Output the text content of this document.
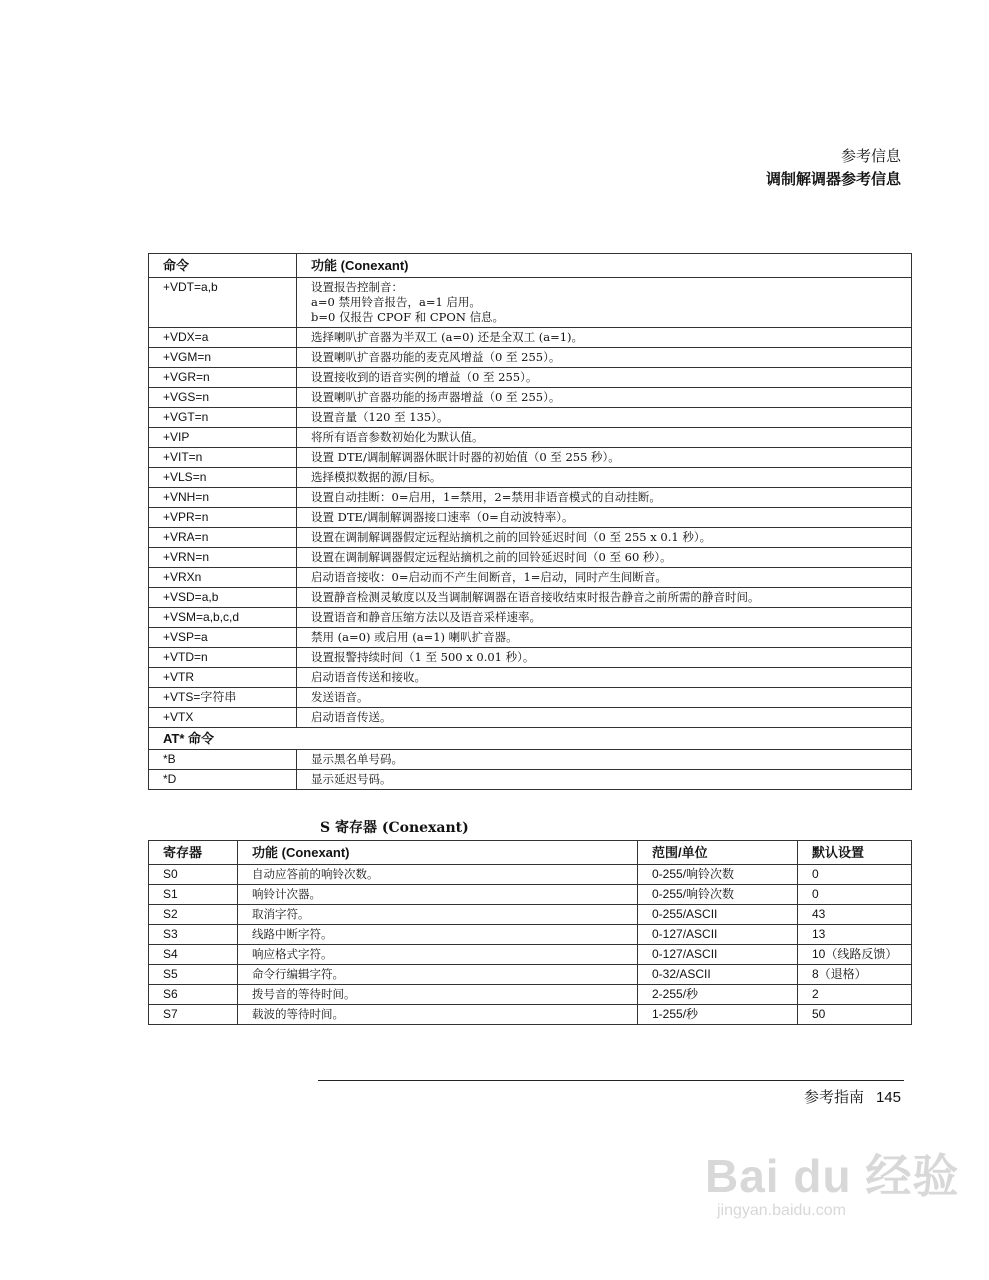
参考信息
调制解调器参考信息
命令	功能 (Conexant)
+VDT=a,b	设置报告控制音：
a=0 禁用铃音报告，a=1 启用。
b=0 仅报告 CPOF 和 CPON 信息。
+VDX=a	选择喇叭扩音器为半双工 (a=0) 还是全双工 (a=1)。
+VGM=n	设置喇叭扩音器功能的麦克风增益（0 至 255）。
+VGR=n	设置接收到的语音实例的增益（0 至 255）。
+VGS=n	设置喇叭扩音器功能的扬声器增益（0 至 255）。
+VGT=n	设置音量（120 至 135）。
+VIP	将所有语音参数初始化为默认值。
+VIT=n	设置 DTE/调制解调器休眠计时器的初始值（0 至 255 秒）。
+VLS=n	选择模拟数据的源/目标。
+VNH=n	设置自动挂断：0=启用，1=禁用，2=禁用非语音模式的自动挂断。
+VPR=n	设置 DTE/调制解调器接口速率（0=自动波特率）。
+VRA=n	设置在调制解调器假定远程站摘机之前的回铃延迟时间（0 至 255 x 0.1 秒）。
+VRN=n	设置在调制解调器假定远程站摘机之前的回铃延迟时间（0 至 60 秒）。
+VRXn	启动语音接收：0=启动而不产生间断音，1=启动，同时产生间断音。
+VSD=a,b	设置静音检测灵敏度以及当调制解调器在语音接收结束时报告静音之前所需的静音时间。
+VSM=a,b,c,d	设置语音和静音压缩方法以及语音采样速率。
+VSP=a	禁用 (a=0) 或启用 (a=1) 喇叭扩音器。
+VTD=n	设置报警持续时间（1 至 500 x 0.01 秒）。
+VTR	启动语音传送和接收。
+VTS=字符串	发送语音。
+VTX	启动语音传送。
AT* 命令	
*B	显示黑名单号码。
*D	显示延迟号码。
S 寄存器 (Conexant)
寄存器	功能 (Conexant)	范围/单位	默认设置
S0	自动应答前的响铃次数。	0-255/响铃次数	0
S1	响铃计次器。	0-255/响铃次数	0
S2	取消字符。	0-255/ASCII	43
S3	线路中断字符。	0-127/ASCII	13
S4	响应格式字符。	0-127/ASCII	10（线路反馈）
S5	命令行编辑字符。	0-32/ASCII	8（退格）
S6	拨号音的等待时间。	2-255/秒	2
S7	载波的等待时间。	1-255/秒	50
参考指南 145
Bai du 经验
jingyan.baidu.com
